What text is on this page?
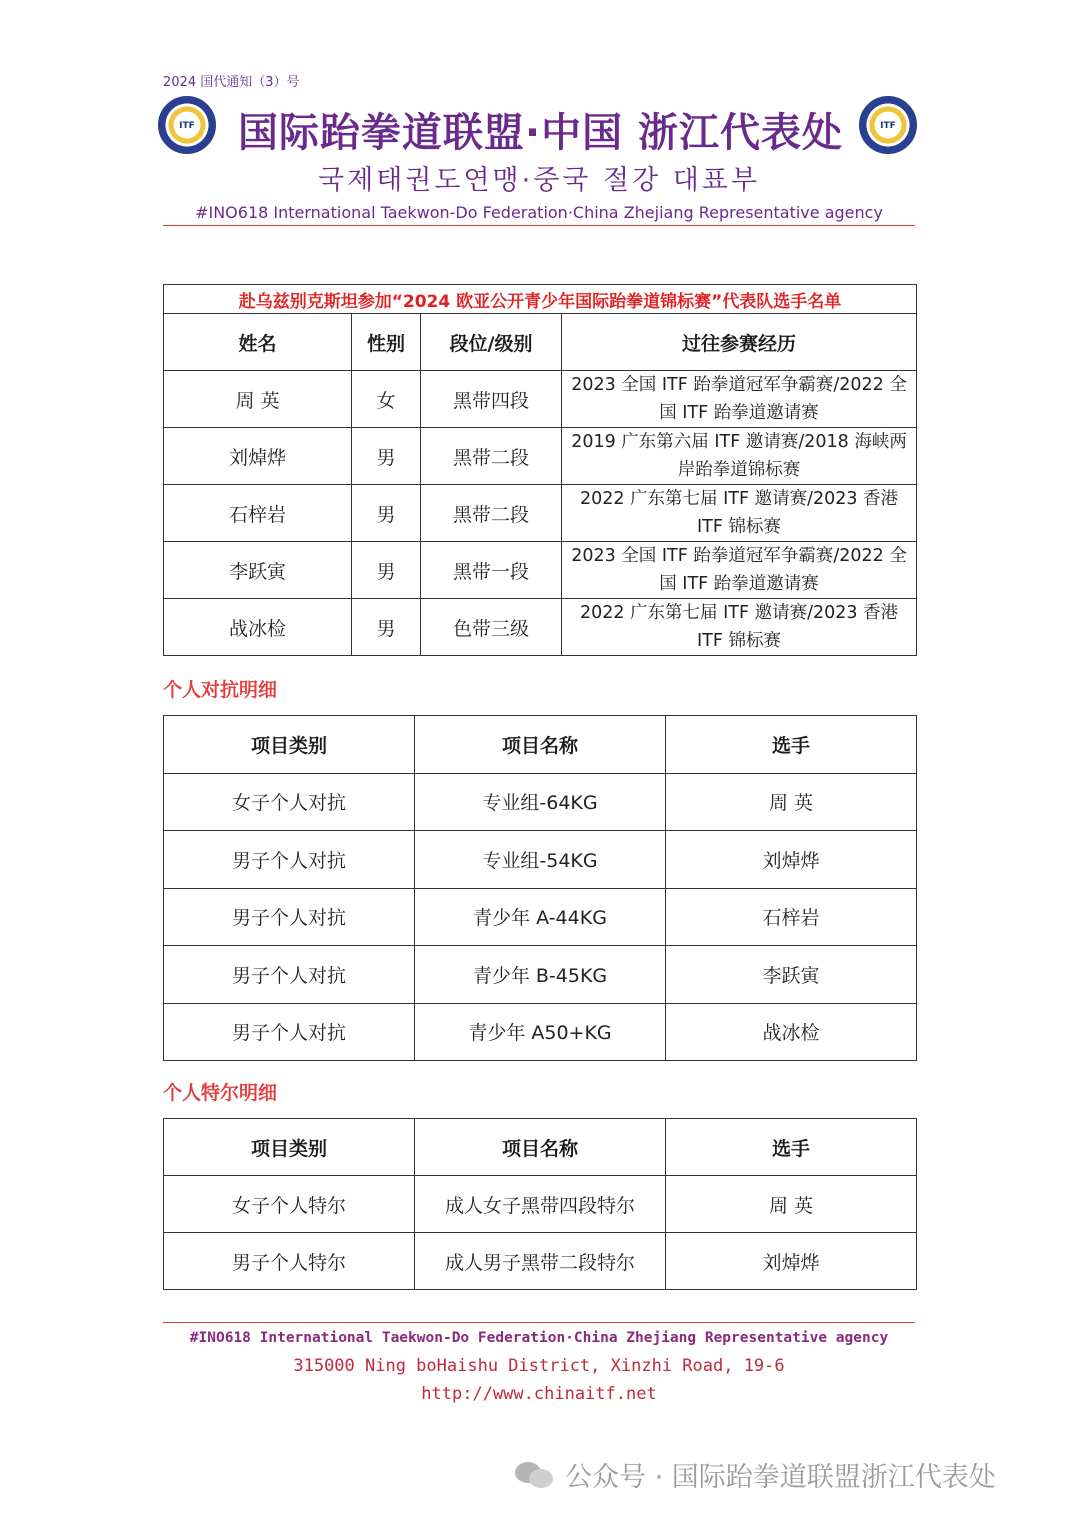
2024 国代通知（3）号
ITF	ITF
国际跆拳道联盟·中国 浙江代表处
국제태권도연맹·중국 절강 대표부
#INO618 International Taekwon-Do Federation·China Zhejiang Representative agency
赴乌兹别克斯坦参加“2024 欧亚公开青少年国际跆拳道锦标赛”代表队选手名单			
姓名	性别	段位/级别	过往参赛经历
周 英	女	黑带四段	2023 全国 ITF 跆拳道冠军争霸赛/2022 全国 ITF 跆拳道邀请赛
刘焯烨	男	黑带二段	2019 广东第六届 ITF 邀请赛/2018 海峡两岸跆拳道锦标赛
石梓岩	男	黑带二段	2022 广东第七届 ITF 邀请赛/2023 香港 ITF 锦标赛
李跃寅	男	黑带一段	2023 全国 ITF 跆拳道冠军争霸赛/2022 全国 ITF 跆拳道邀请赛
战冰检	男	色带三级	2022 广东第七届 ITF 邀请赛/2023 香港 ITF 锦标赛
个人对抗明细
项目类别	项目名称	选手
女子个人对抗	专业组-64KG	周 英
男子个人对抗	专业组-54KG	刘焯烨
男子个人对抗	青少年 A-44KG	石梓岩
男子个人对抗	青少年 B-45KG	李跃寅
男子个人对抗	青少年 A50+KG	战冰检
个人特尔明细
项目类别	项目名称	选手
女子个人特尔	成人女子黑带四段特尔	周 英
男子个人特尔	成人男子黑带二段特尔	刘焯烨
#INO618 International Taekwon-Do Federation·China Zhejiang Representative agency
315000 Ning boHaishu District, Xinzhi Road, 19-6
http://www.chinaitf.net
公众号 · 国际跆拳道联盟浙江代表处
